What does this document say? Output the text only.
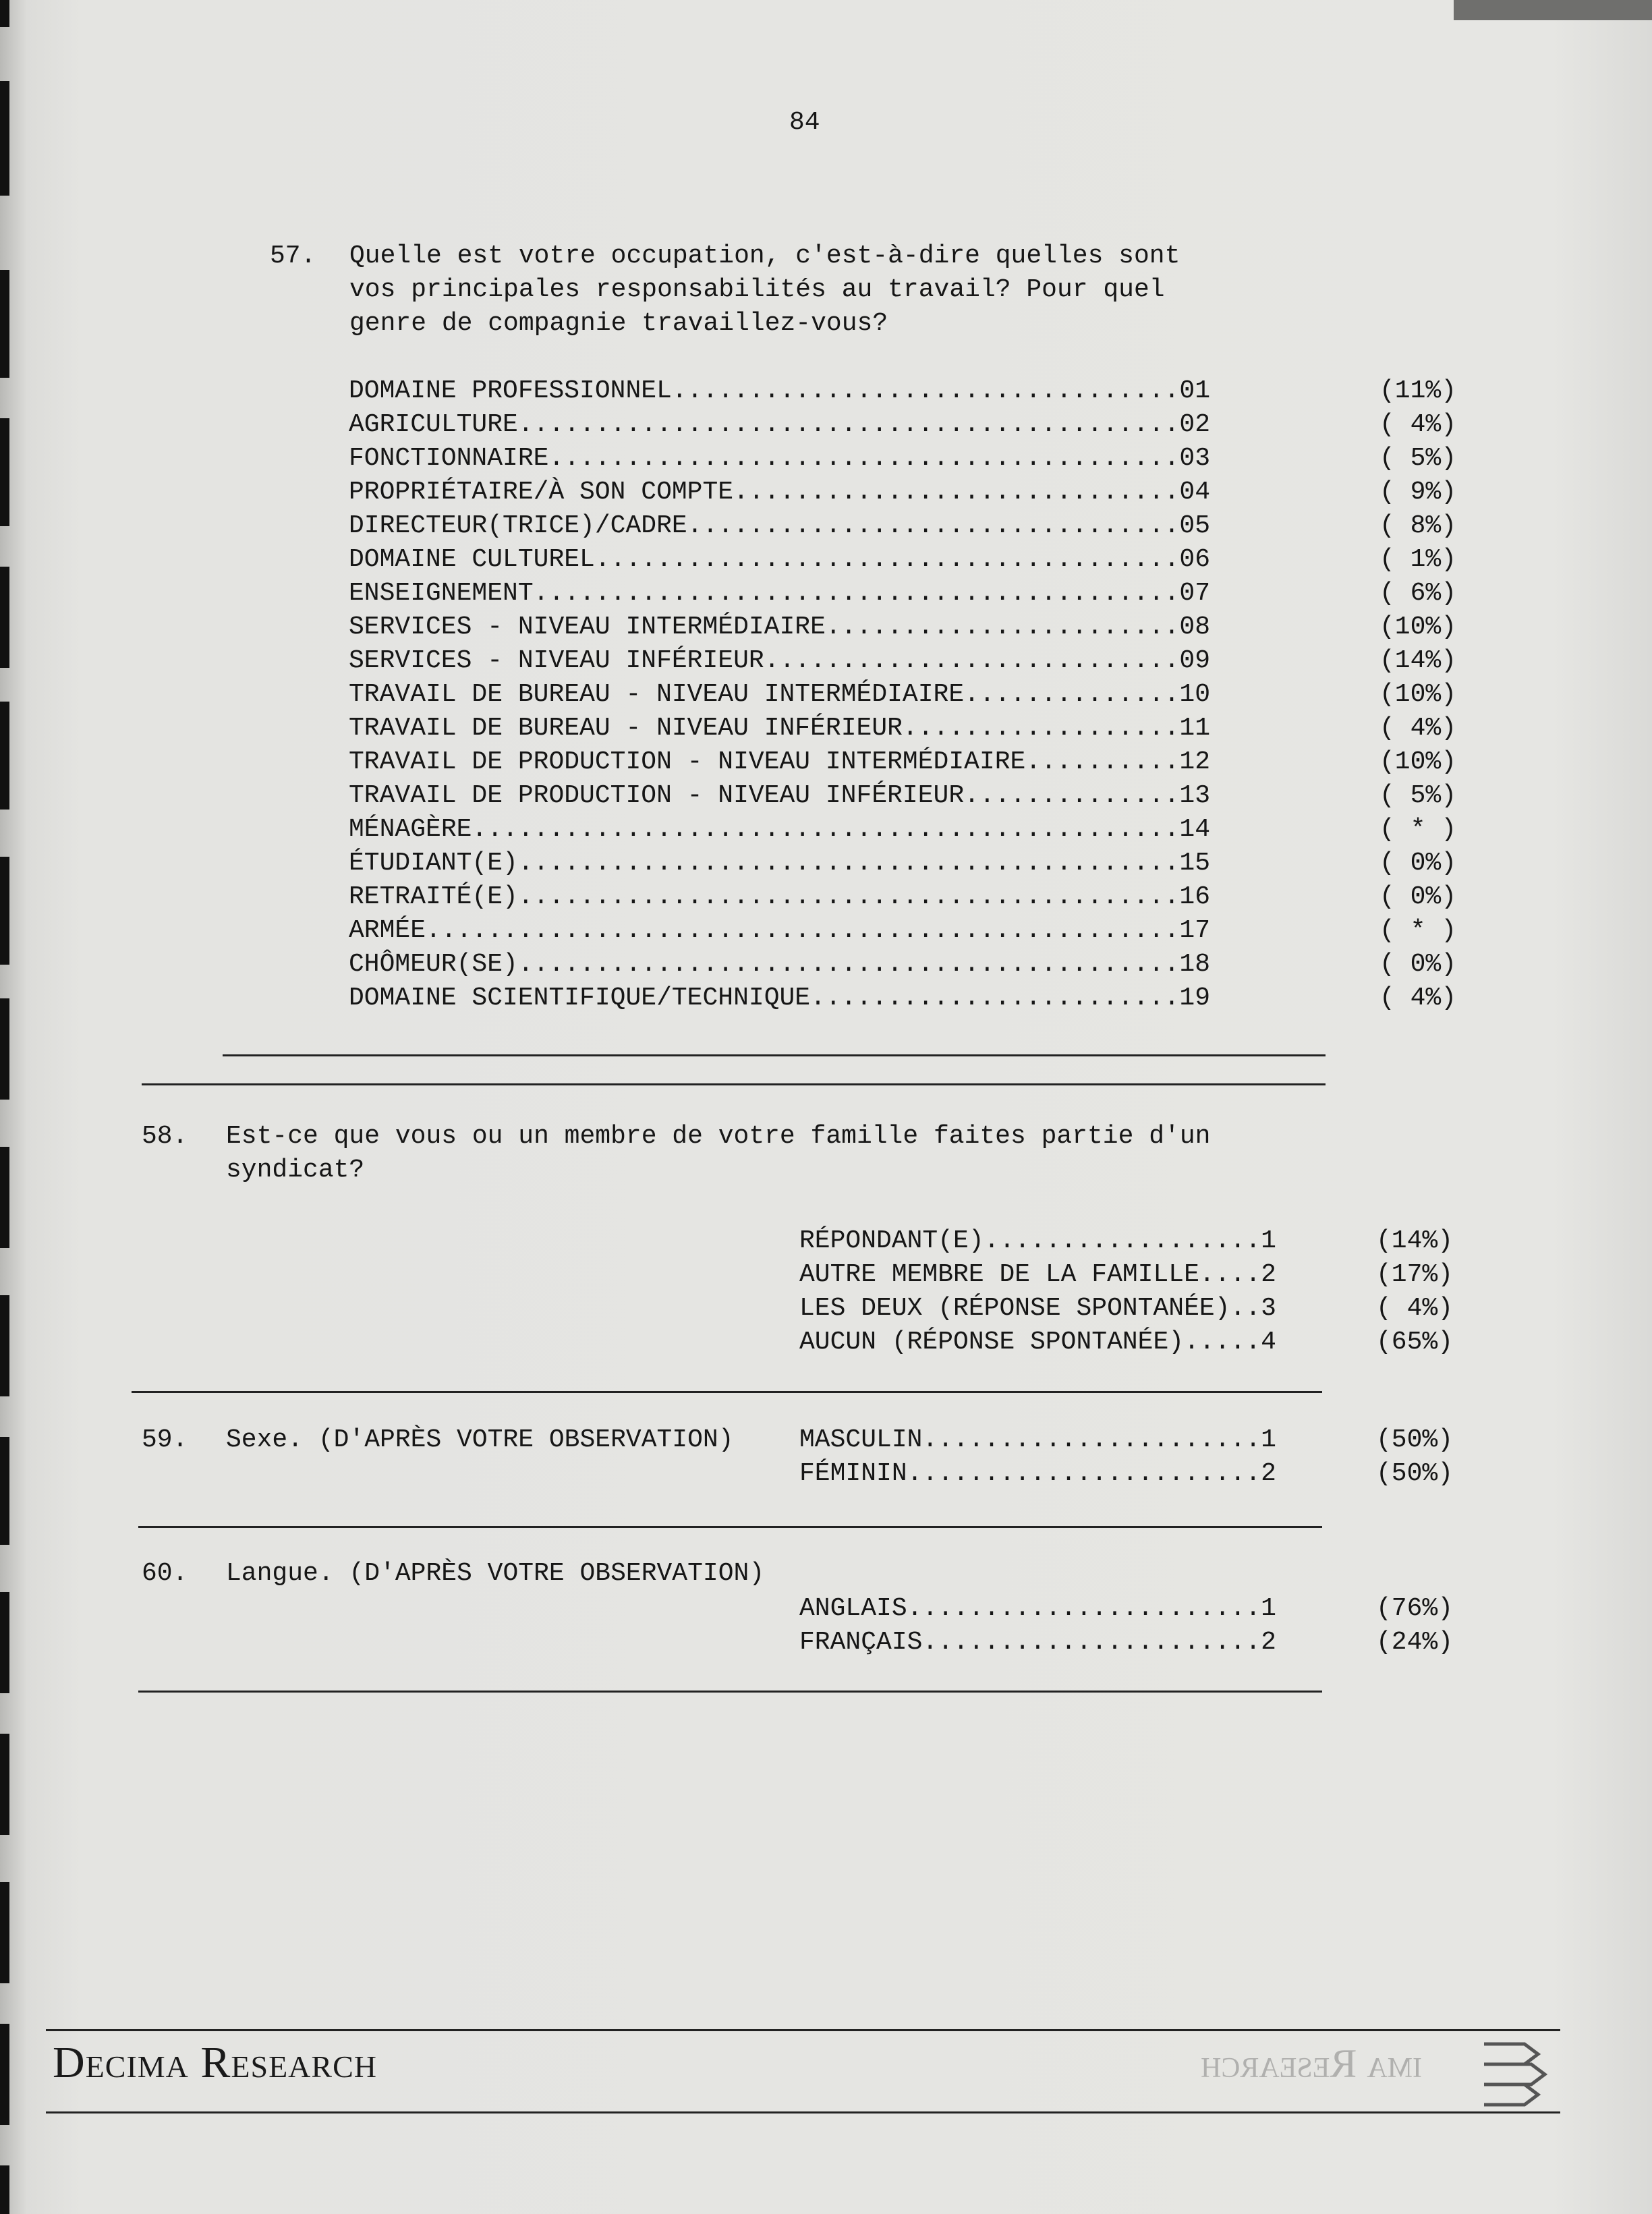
84
57. Quelle est votre occupation, c'est-à-dire quelles sont
vos principales responsabilités au travail? Pour quel
genre de compagnie travaillez-vous?
DOMAINE PROFESSIONNEL.................................01	(11%)
AGRICULTURE...........................................02	( 4%)
FONCTIONNAIRE.........................................03	( 5%)
PROPRIÉTAIRE/À SON COMPTE.............................04	( 9%)
DIRECTEUR(TRICE)/CADRE................................05	( 8%)
DOMAINE CULTUREL......................................06	( 1%)
ENSEIGNEMENT..........................................07	( 6%)
SERVICES - NIVEAU INTERMÉDIAIRE.......................08	(10%)
SERVICES - NIVEAU INFÉRIEUR...........................09	(14%)
TRAVAIL DE BUREAU - NIVEAU INTERMÉDIAIRE..............10	(10%)
TRAVAIL DE BUREAU - NIVEAU INFÉRIEUR..................11	( 4%)
TRAVAIL DE PRODUCTION - NIVEAU INTERMÉDIAIRE..........12	(10%)
TRAVAIL DE PRODUCTION - NIVEAU INFÉRIEUR..............13	( 5%)
MÉNAGÈRE..............................................14	( * )
ÉTUDIANT(E)...........................................15	( 0%)
RETRAITÉ(E)...........................................16	( 0%)
ARMÉE.................................................17	( * )
CHÔMEUR(SE)...........................................18	( 0%)
DOMAINE SCIENTIFIQUE/TECHNIQUE........................19	( 4%)
58. Est-ce que vous ou un membre de votre famille faites partie d'un
syndicat?
RÉPONDANT(E)..................1	(14%)
AUTRE MEMBRE DE LA FAMILLE....2	(17%)
LES DEUX (RÉPONSE SPONTANÉE)..3	( 4%)
AUCUN (RÉPONSE SPONTANÉE).....4	(65%)
59. Sexe. (D'APRÈS VOTRE OBSERVATION)	MASCULIN......................1	(50%)
FÉMININ.......................2	(50%)
60. Langue. (D'APRÈS VOTRE OBSERVATION)
ANGLAIS.......................1	(76%)
FRANÇAIS......................2	(24%)
Decima Research	ima Research
